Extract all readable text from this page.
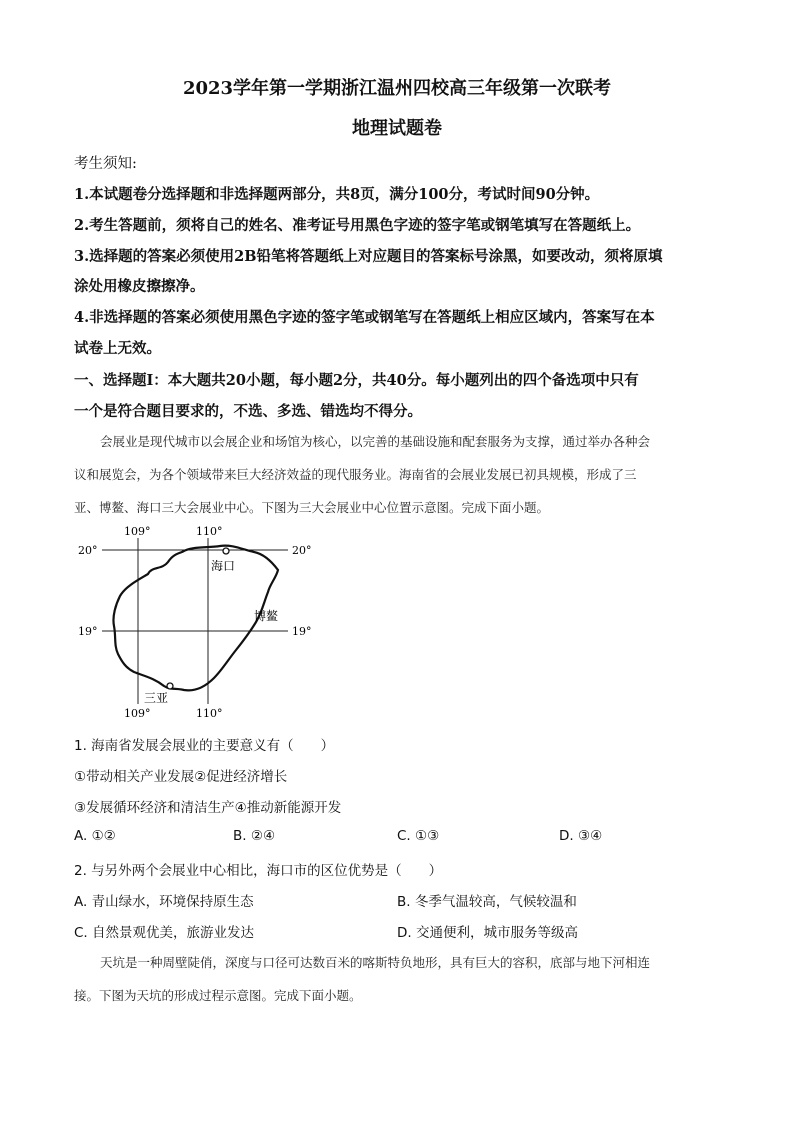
2023学年第一学期浙江温州四校高三年级第一次联考
地理试题卷
考生须知:
1.本试题卷分选择题和非选择题两部分，共8页，满分100分，考试时间90分钟。
2.考生答题前，须将自己的姓名、准考证号用黑色字迹的签字笔或钢笔填写在答题纸上。
3.选择题的答案必须使用2B铅笔将答题纸上对应题目的答案标号涂黑，如要改动，须将原填
涂处用橡皮擦擦净。
4.非选择题的答案必须使用黑色字迹的签字笔或钢笔写在答题纸上相应区域内，答案写在本
试卷上无效。
一、选择题Ⅰ：本大题共20小题，每小题2分，共40分。每小题列出的四个备选项中只有
一个是符合题目要求的，不选、多选、错选均不得分。
会展业是现代城市以会展企业和场馆为核心，以完善的基础设施和配套服务为支撑，通过举办各种会
议和展览会，为各个领域带来巨大经济效益的现代服务业。海南省的会展业发展已初具规模，形成了三
亚、博鳌、海口三大会展业中心。下图为三大会展业中心位置示意图。完成下面小题。
109°	110°
109°	110°
20°	20°
19°	19°
海口
博鳌
三亚
1. 海南省发展会展业的主要意义有（　　）
①带动相关产业发展②促进经济增长
③发展循环经济和清洁生产④推动新能源开发
A. ①②	B. ②④	C. ①③	D. ③④
2. 与另外两个会展业中心相比，海口市的区位优势是（　　）
A. 青山绿水，环境保持原生态	B. 冬季气温较高，气候较温和
C. 自然景观优美，旅游业发达	D. 交通便利，城市服务等级高
天坑是一种周壁陡俏，深度与口径可达数百米的喀斯特负地形，具有巨大的容积，底部与地下河相连
接。下图为天坑的形成过程示意图。完成下面小题。
